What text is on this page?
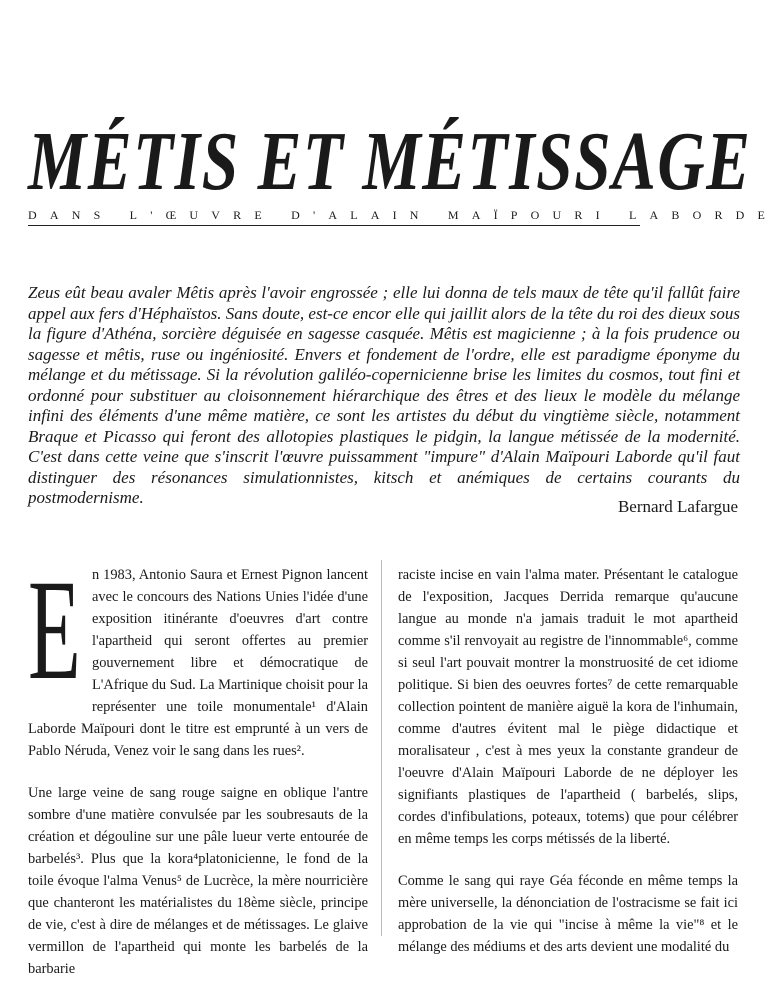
MÉTIS ET MÉTISSAGE
DANS L'ŒUVRE D'ALAIN MAÏPOURI LABORDE

Zeus eût beau avaler Mêtis après l'avoir engrossée ; elle lui donna de tels maux de tête qu'il fallût faire appel aux fers d'Héphaïstos. Sans doute, est-ce encor elle qui jaillit alors de la tête du roi des dieux sous la figure d'Athéna, sorcière déguisée en sagesse casquée. Mêtis est magicienne ; à la fois prudence ou sagesse et mêtis, ruse ou ingéniosité. Envers et fondement de l'ordre, elle est paradigme éponyme du mélange et du métissage. Si la révolution galiléo-copernicienne brise les limites du cosmos, tout fini et ordonné pour substituer au cloisonnement hiérarchique des êtres et des lieux le modèle du mélange infini des éléments d'une même matière, ce sont les artistes du début du vingtième siècle, notamment Braque et Picasso qui feront des allotopies plastiques le pidgin, la langue métissée de la modernité. C'est dans cette veine que s'inscrit l'œuvre puissamment "impure" d'Alain Maïpouri Laborde qu'il faut distinguer des résonances simulationnistes, kitsch et anémiques de certains courants du postmodernisme.	Bernard Lafargue

E n 1983, Antonio Saura et Ernest Pignon lancent avec le concours des Nations Unies l'idée d'une exposition itinérante d'oeuvres d'art contre l'apartheid qui seront offertes au premier gouvernement libre et démocratique de L'Afrique du Sud. La Martinique choisit pour la représenter une toile monumentale¹ d'Alain Laborde Maïpouri dont le titre est emprunté à un vers de Pablo Néruda, Venez voir le sang dans les rues².

Une large veine de sang rouge saigne en oblique l'antre sombre d'une matière convulsée par les soubresauts de la création et dégouline sur une pâle lueur verte entourée de barbelés³. Plus que la kora⁴platonicienne, le fond de la toile évoque l'alma Venus⁵ de Lucrèce, la mère nourricière que chanteront les matérialistes du 18ème siècle, principe de vie, c'est à dire de mélanges et de métissages. Le glaive vermillon de l'apartheid qui monte les barbelés de la barbarie

raciste incise en vain l'alma mater. Présentant le catalogue de l'exposition, Jacques Derrida remarque qu'aucune langue au monde n'a jamais traduit le mot apartheid comme s'il renvoyait au registre de l'innommable⁶, comme si seul l'art pouvait montrer la monstruosité de cet idiome politique. Si bien des oeuvres fortes⁷ de cette remarquable collection pointent de manière aiguë la kora de l'inhumain, comme d'autres évitent mal le piège didactique et moralisateur , c'est à mes yeux la constante grandeur de l'oeuvre d'Alain Maïpouri Laborde de ne déployer les signifiants plastiques de l'apartheid ( barbelés, slips, cordes d'infibulations, poteaux, totems) que pour célébrer en même temps les corps métissés de la liberté.

Comme le sang qui raye Géa féconde en même temps la mère universelle, la dénonciation de l'ostracisme se fait ici approbation de la vie qui "incise à même la vie"⁸ et le mélange des médiums et des arts devient une modalité du
